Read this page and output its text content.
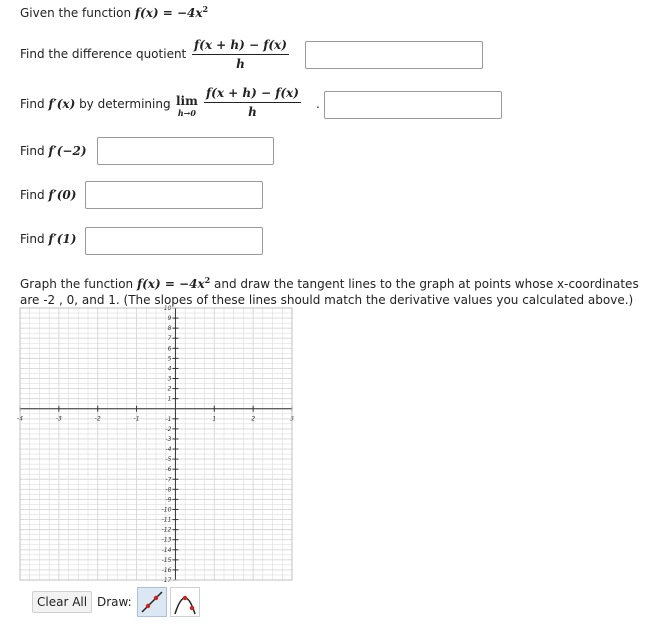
Given the function $f(x) = -4x^2$
Find the difference quotient $\frac{f(x + h) - f(x)}{h}$
Find f′(x) by determining lim
$h\to 0 \frac{f(x + h) - f(x)}{h}$ .
Find f′(−2)
Find f′(0)
Find f′(1)
Graph the function $f(x) = -4x^2$ and draw the tangent lines to the graph at points whose x-coordinates are -2 , 0, and 1. (The slopes of these lines should match the derivative values you calculated above.)
-4	-3	-2	-1	1	2	3
10
9
8
7
6
5
4
3
2
1
-1
-2
-3
-4
-5
-6
-7
-8
-9
-10
-11
-12
-13
-14
-15
-16
-17
Clear All Draw:
